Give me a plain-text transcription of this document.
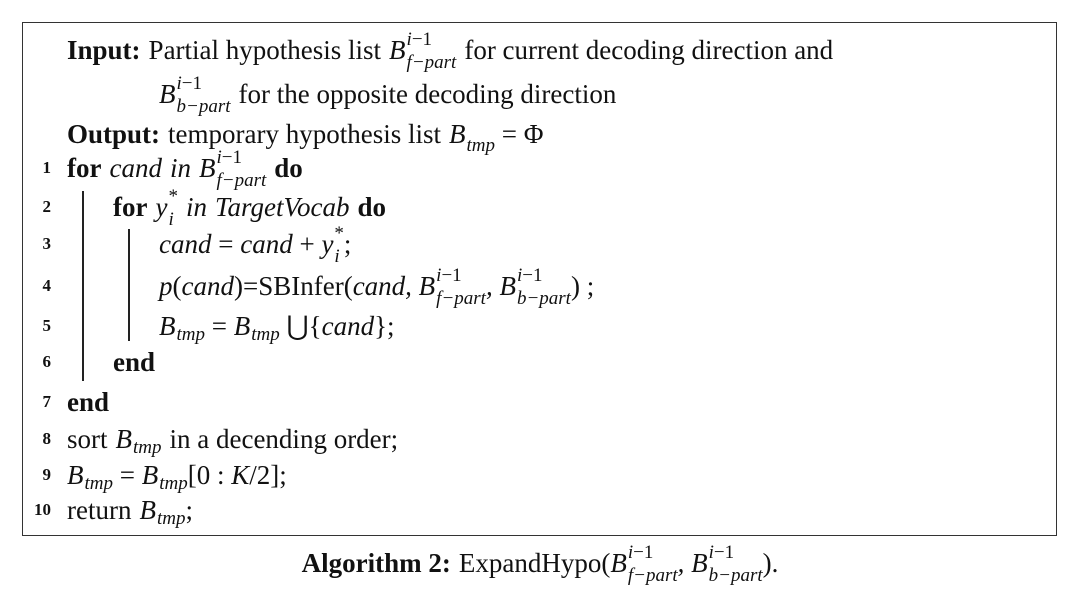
Input: Partial hypothesis list B i−1
f−part for current decoding direction and
B i−1
b−part for the opposite decoding direction
Output: temporary hypothesis list $B_{tmp} = \Phi$
1 for cand in B i−1
f−part do
2 for y *
i in TargetVocab do
3	cand = cand + y *
i ;
4	p ( cand )= SBInfer ( cand, B i−1
f−part , B i−1
b−part ) ;
5	B tmp = B tmp ⋃{ cand };
6 end
7 end
8 sort B tmp in a decending order;
9 B tmp = B tmp [0 : K /2];
10 return B tmp ;
Algorithm 2: ExpandHypo ( B i−1
f−part , B i−1
b−part ).
